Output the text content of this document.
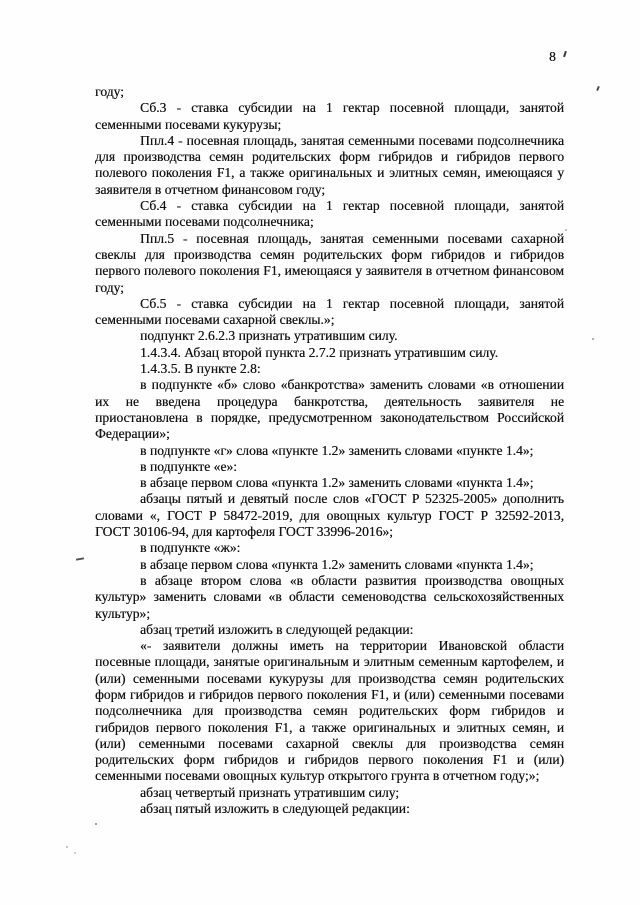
8

году;

Сб.3 - ставка субсидии на 1 гектар посевной площади, занятой семенными посевами кукурузы;

Ппл.4 - посевная площадь, занятая семенными посевами подсолнечника для производства семян родительских форм гибридов и гибридов первого полевого поколения F1, а также оригинальных и элитных семян, имеющаяся у заявителя в отчетном финансовом году;

Сб.4 - ставка субсидии на 1 гектар посевной площади, занятой семенными посевами подсолнечника;

Ппл.5 - посевная площадь, занятая семенными посевами сахарной свеклы для производства семян родительских форм гибридов и гибридов первого полевого поколения F1, имеющаяся у заявителя в отчетном финансовом году;

Сб.5 - ставка субсидии на 1 гектар посевной площади, занятой семенными посевами сахарной свеклы.»;

подпункт 2.6.2.3 признать утратившим силу.

1.4.3.4. Абзац второй пункта 2.7.2 признать утратившим силу.

1.4.3.5. В пункте 2.8:

в подпункте «б» слово «банкротства» заменить словами «в отношении их не введена процедура банкротства, деятельность заявителя не приостановлена в порядке, предусмотренном законодательством Российской Федерации»;

в подпункте «г» слова «пункте 1.2» заменить словами «пункте 1.4»;

в подпункте «е»:

в абзаце первом слова «пункта 1.2» заменить словами «пункта 1.4»;

абзацы пятый и девятый после слов «ГОСТ Р 52325-2005» дополнить словами «, ГОСТ Р 58472-2019, для овощных культур ГОСТ Р 32592-2013, ГОСТ 30106-94, для картофеля ГОСТ 33996-2016»;

в подпункте «ж»:

в абзаце первом слова «пункта 1.2» заменить словами «пункта 1.4»;

в абзаце втором слова «в области развития производства овощных культур» заменить словами «в области семеноводства сельскохозяйственных культур»;

абзац третий изложить в следующей редакции:

«- заявители должны иметь на территории Ивановской области посевные площади, занятые оригинальным и элитным семенным картофелем, и (или) семенными посевами кукурузы для производства семян родительских форм гибридов и гибридов первого поколения F1, и (или) семенными посевами подсолнечника для производства семян родительских форм гибридов и гибридов первого поколения F1, а также оригинальных и элитных семян, и (или) семенными посевами сахарной свеклы для производства семян родительских форм гибридов и гибридов первого поколения F1 и (или) семенными посевами овощных культур открытого грунта в отчетном году;»;

абзац четвертый признать утратившим силу;

абзац пятый изложить в следующей редакции:
